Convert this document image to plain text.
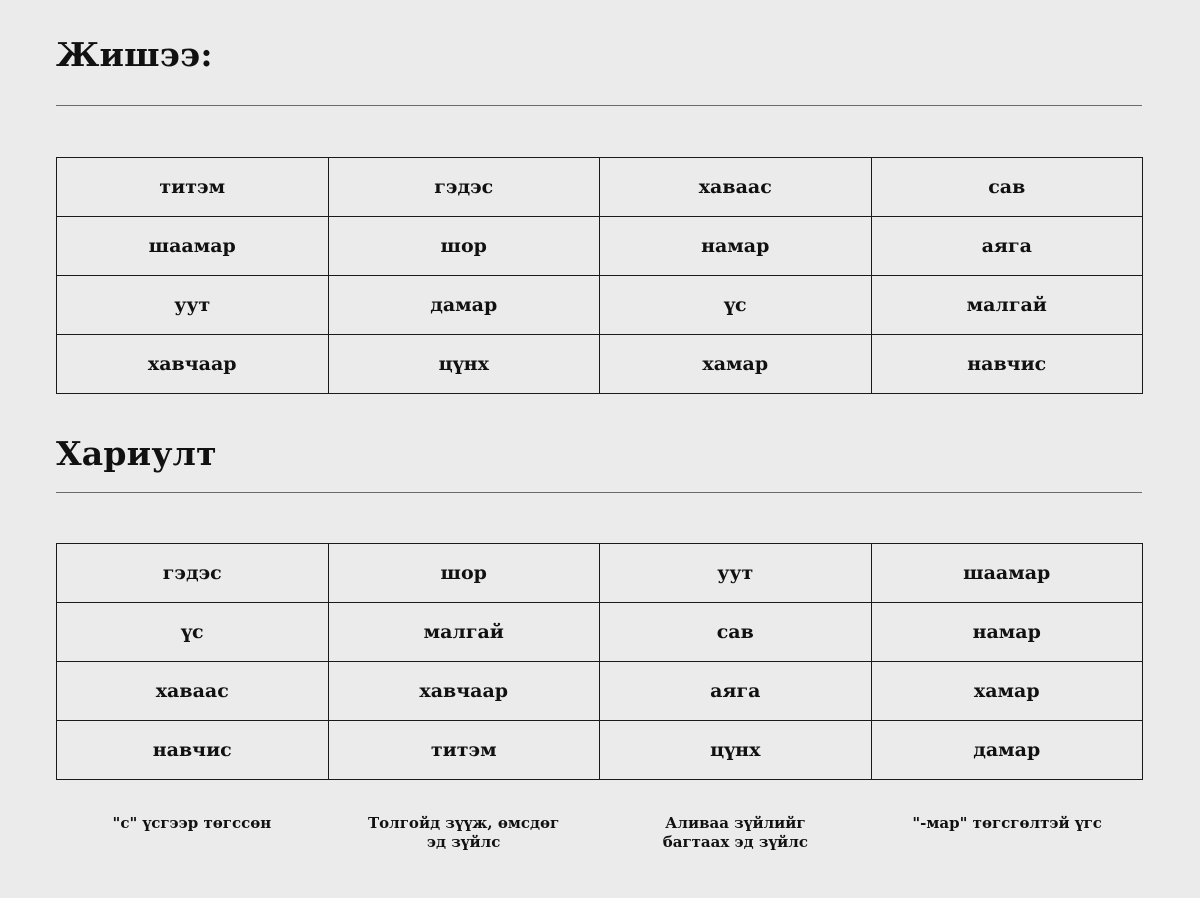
Жишээ:
титэм	гэдэс	хаваас	сав
шаамар	шор	намар	аяга
уут	дамар	үс	малгай
хавчаар	цүнх	хамар	навчис
Хариулт
гэдэс	шор	уут	шаамар
үс	малгай	сав	намар
хаваас	хавчаар	аяга	хамар
навчис	титэм	цүнх	дамар
"с" үсгээр төгссөн	Толгойд зүүж, өмсдөг эд зүйлс
Аливаа зүйлийг багтаах эд зүйлс
"-мар" төгсгөлтэй үгс
